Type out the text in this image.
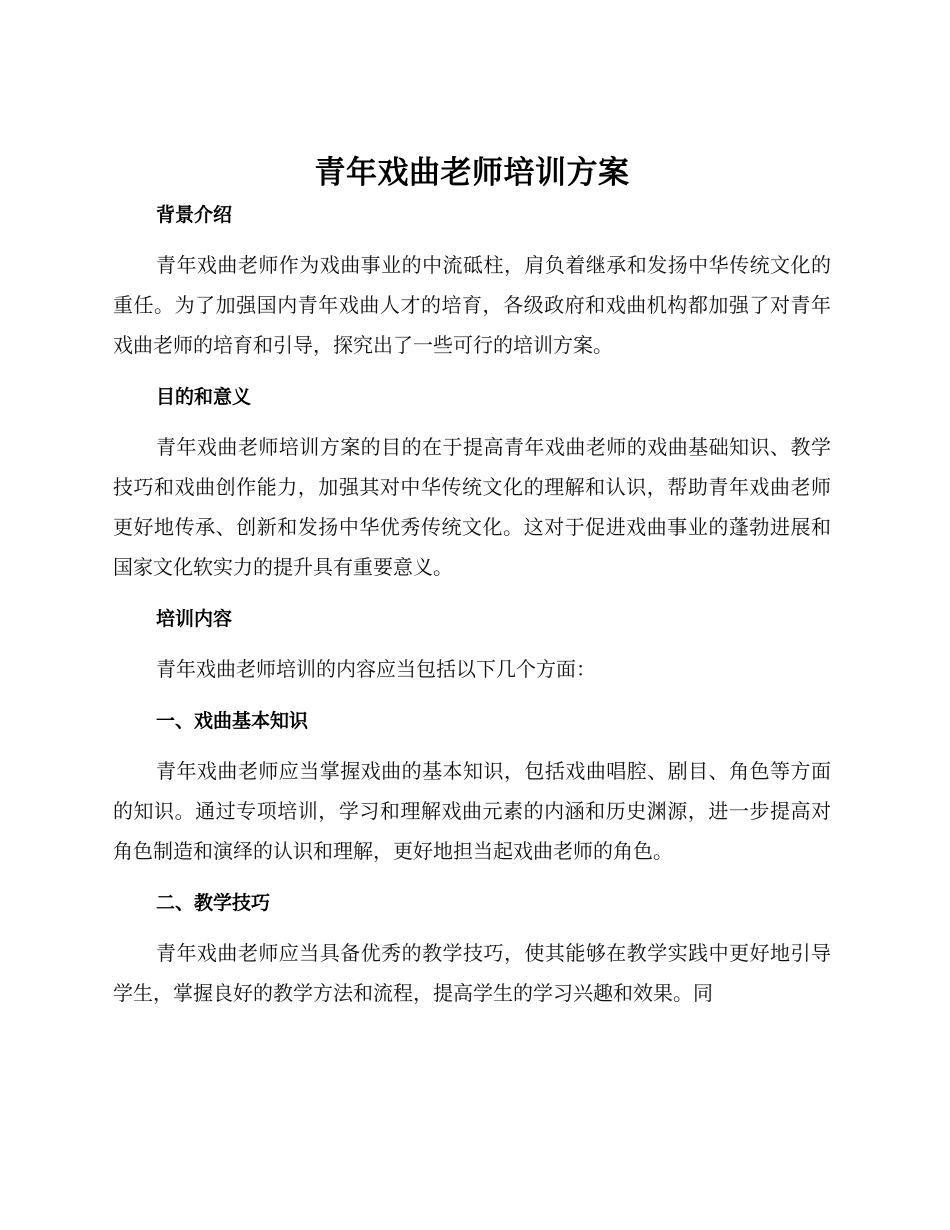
青年戏曲老师培训方案
背景介绍

青年戏曲老师作为戏曲事业的中流砥柱，肩负着继承和发扬中华传统文化的重任。为了加强国内青年戏曲人才的培育，各级政府和戏曲机构都加强了对青年戏曲老师的培育和引导，探究出了一些可行的培训方案。

目的和意义

青年戏曲老师培训方案的目的在于提高青年戏曲老师的戏曲基础知识、教学技巧和戏曲创作能力，加强其对中华传统文化的理解和认识，帮助青年戏曲老师更好地传承、创新和发扬中华优秀传统文化。这对于促进戏曲事业的蓬勃进展和国家文化软实力的提升具有重要意义。

培训内容

青年戏曲老师培训的内容应当包括以下几个方面：

一、戏曲基本知识

青年戏曲老师应当掌握戏曲的基本知识，包括戏曲唱腔、剧目、角色等方面的知识。通过专项培训，学习和理解戏曲元素的内涵和历史渊源，进一步提高对角色制造和演绎的认识和理解，更好地担当起戏曲老师的角色。

二、教学技巧

青年戏曲老师应当具备优秀的教学技巧，使其能够在教学实践中更好地引导学生，掌握良好的教学方法和流程，提高学生的学习兴趣和效果。同
